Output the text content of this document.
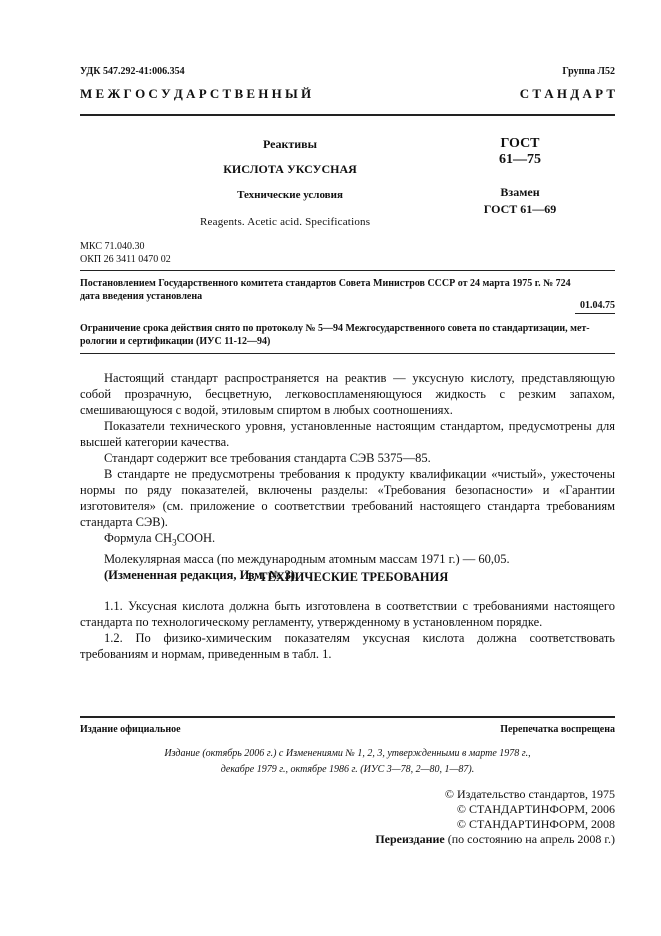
УДК 547.292-41:006.354	Группа Л52
М Е Ж Г О С У Д А Р С Т В Е Н Н Ы Й	С Т А Н Д А Р Т
Реактивы
КИСЛОТА УКСУСНАЯ
Технические условия
Reagents. Acetic acid. Specifications
ГОСТ
61—75
Взамен
ГОСТ 61—69
МКС 71.040.30
ОКП 26 3411 0470 02
Постановлением Государственного комитета стандартов Совета Министров СССР от 24 марта 1975 г. № 724
дата введения установлена
01.04.75
Ограничение срока действия снято по протоколу № 5—94 Межгосударственного совета по стандартизации, мет-
рологии и сертификации (ИУС 11-12—94)

Настоящий стандарт распространяется на реактив — уксусную кислоту, представляющую собой прозрачную, бесцветную, легковоспламеняющуюся жидкость с резким запахом, смешивающуюся с водой, этиловым спиртом в любых соотношениях.

Показатели технического уровня, установленные настоящим стандартом, предусмотрены для высшей категории качества.

Стандарт содержит все требования стандарта СЭВ 5375—85.

В стандарте не предусмотрены требования к продукту квалификации «чистый», ужесточены нормы по ряду показателей, включены разделы: «Требования безопасности» и «Гарантии изготовителя» (см. приложение о соответствии требований настоящего стандарта требованиям стандарта СЭВ).

Формула $CH_3COOH$.

Молекулярная масса (по международным атомным массам 1971 г.) — 60,05.

(Измененная редакция, Изм. № 3).

1. ТЕХНИЧЕСКИЕ ТРЕБОВАНИЯ

1.1. Уксусная кислота должна быть изготовлена в соответствии с требованиями настоящего стандарта по технологическому регламенту, утвержденному в установленном порядке.

1.2. По физико-химическим показателям уксусная кислота должна соответствовать требованиям и нормам, приведенным в табл. 1.

Издание официальное	Перепечатка воспрещена
Издание (октябрь 2006 г.) с Изменениями № 1, 2, 3, утвержденными в марте 1978 г.,
декабре 1979 г., октябре 1986 г. (ИУС 3—78, 2—80, 1—87).
© Издательство стандартов, 1975
© СТАНДАРТИНФОРМ, 2006
© СТАНДАРТИНФОРМ, 2008
Переиздание (по состоянию на апрель 2008 г.)
